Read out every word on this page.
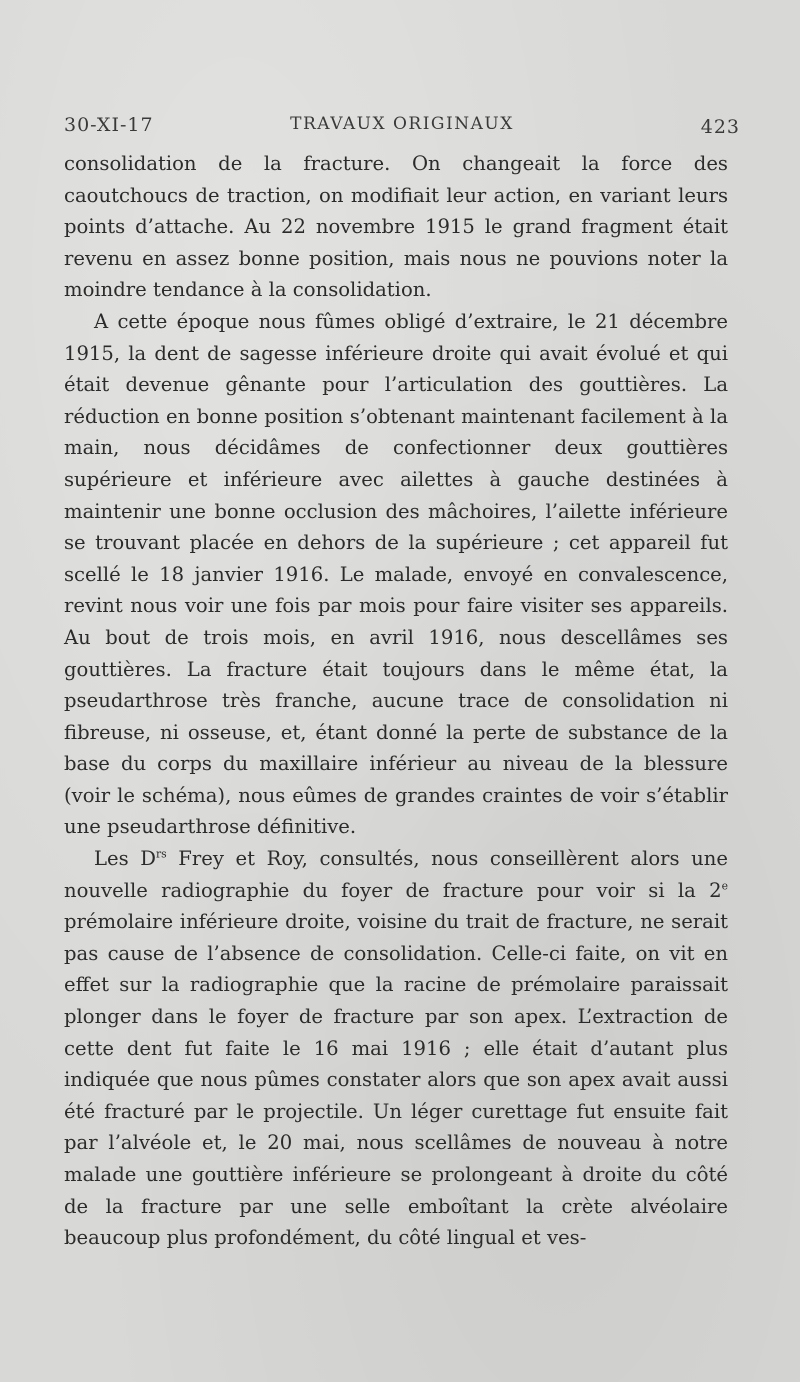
30-XI-17	TRAVAUX ORIGINAUX	423

consolidation de la fracture. On changeait la force des caoutchoucs de traction, on modifiait leur action, en variant leurs points d’attache. Au 22 novembre 1915 le grand fragment était revenu en assez bonne position, mais nous ne pouvions noter la moindre tendance à la consolidation.

A cette époque nous fûmes obligé d’extraire, le 21 décembre 1915, la dent de sagesse inférieure droite qui avait évolué et qui était devenue gênante pour l’articulation des gouttières. La réduction en bonne position s’obtenant maintenant facilement à la main, nous décidâmes de confectionner deux gouttières supérieure et inférieure avec ailettes à gauche destinées à maintenir une bonne occlusion des mâchoires, l’ailette inférieure se trouvant placée en dehors de la supérieure ; cet appareil fut scellé le 18 janvier 1916. Le malade, envoyé en convalescence, revint nous voir une fois par mois pour faire visiter ses appareils. Au bout de trois mois, en avril 1916, nous descellâmes ses gouttières. La fracture était toujours dans le même état, la pseudarthrose très franche, aucune trace de consolidation ni fibreuse, ni osseuse, et, étant donné la perte de substance de la base du corps du maxillaire inférieur au niveau de la blessure (voir le schéma), nous eûmes de grandes craintes de voir s’établir une pseudarthrose définitive.

Les $D^{rs}$ Frey et Roy, consultés, nous conseillèrent alors une nouvelle radiographie du foyer de fracture pour voir si la 2e prémolaire inférieure droite, voisine du trait de fracture, ne serait pas cause de l’absence de consolidation. Celle-ci faite, on vit en effet sur la radiographie que la racine de prémolaire paraissait plonger dans le foyer de fracture par son apex. L’extraction de cette dent fut faite le 16 mai 1916 ; elle était d’autant plus indiquée que nous pûmes constater alors que son apex avait aussi été fracturé par le projectile. Un léger curettage fut ensuite fait par l’alvéole et, le 20 mai, nous scellâmes de nouveau à notre malade une gouttière inférieure se prolongeant à droite du côté de la fracture par une selle emboîtant la crète alvéolaire beaucoup plus profondément, du côté lingual et ves-
